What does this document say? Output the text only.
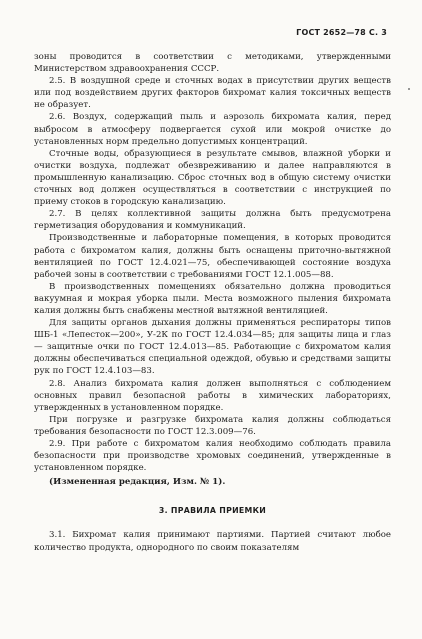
ГОСТ 2652—78 С. 3

зоны проводится в соответствии с методиками, утвержденными Министерством здравоохранения СССР.

2.5. В воздушной среде и сточных водах в присутствии других веществ или под воздействием других факторов бихромат калия токсичных веществ не образует.

2.6. Воздух, содержащий пыль и аэрозоль бихромата калия, перед выбросом в атмосферу подвергается сухой или мокрой очистке до установленных норм предельно допустимых концентраций.

Сточные воды, образующиеся в результате смывов, влажной уборки и очистки воздуха, подлежат обезвреживанию и далее направляются в промышленную канализацию. Сброс сточных вод в общую систему очистки сточных вод должен осуществляться в соответствии с инструкцией по приему стоков в городскую канализацию.

2.7. В целях коллективной защиты должна быть предусмотрена герметизация оборудования и коммуникаций.

Производственные и лабораторные помещения, в которых проводится работа с бихроматом калия, должны быть оснащены приточно-вытяжной вентиляцией по ГОСТ 12.4.021—75, обеспечивающей состояние воздуха рабочей зоны в соответствии с требованиями ГОСТ 12.1.005—88.

В производственных помещениях обязательно должна проводиться вакуумная и мокрая уборка пыли. Места возможного пыления бихромата калия должны быть снабжены местной вытяжной вентиляцией.

Для защиты органов дыхания должны применяться респираторы типов ШБ-1 «Лепесток—200», У-2К по ГОСТ 12.4.034—85; для защиты лица и глаз — защитные очки по ГОСТ 12.4.013—85. Работающие с бихроматом калия должны обеспечиваться специальной одеждой, обувью и средствами защиты рук по ГОСТ 12.4.103—83.

2.8. Анализ бихромата калия должен выполняться с соблюдением основных правил безопасной работы в химических лабораториях, утвержденных в установленном порядке.

При погрузке и разгрузке бихромата калия должны соблюдаться требования безопасности по ГОСТ 12.3.009—76.

2.9. При работе с бихроматом калия необходимо соблюдать правила безопасности при производстве хромовых соединений, утвержденные в установленном порядке.

(Измененная редакция, Изм. № 1).

3. ПРАВИЛА ПРИЕМКИ

3.1. Бихромат калия принимают партиями. Партией считают любое количество продукта, однородного по своим показателям
